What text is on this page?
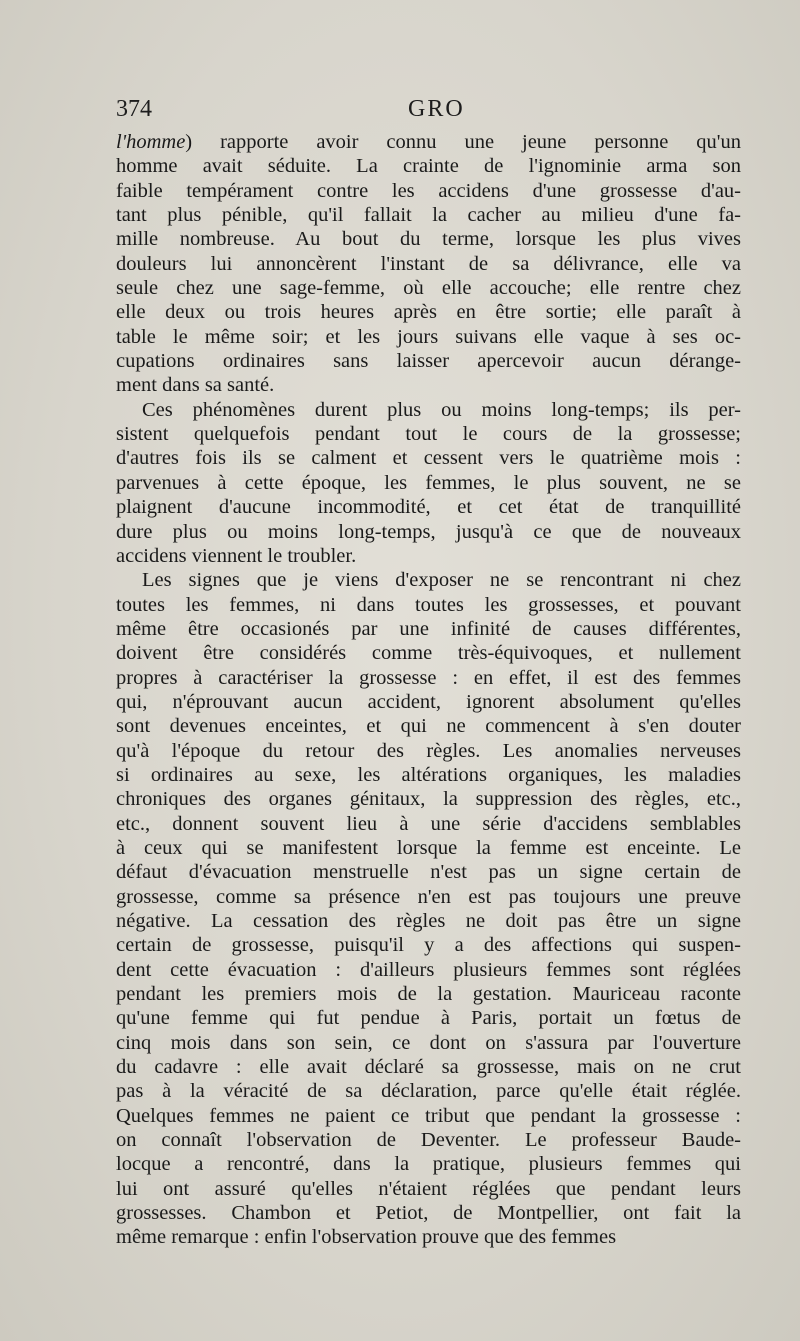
374	GRO
l'homme) rapporte avoir connu une jeune personne qu'un
homme avait séduite. La crainte de l'ignominie arma son
faible tempérament contre les accidens d'une grossesse d'au-
tant plus pénible, qu'il fallait la cacher au milieu d'une fa-
mille nombreuse. Au bout du terme, lorsque les plus vives
douleurs lui annoncèrent l'instant de sa délivrance, elle va
seule chez une sage-femme, où elle accouche; elle rentre chez
elle deux ou trois heures après en être sortie; elle paraît à
table le même soir; et les jours suivans elle vaque à ses oc-
cupations ordinaires sans laisser apercevoir aucun dérange-
ment dans sa santé.
Ces phénomènes durent plus ou moins long-temps; ils per-
sistent quelquefois pendant tout le cours de la grossesse;
d'autres fois ils se calment et cessent vers le quatrième mois :
parvenues à cette époque, les femmes, le plus souvent, ne se
plaignent d'aucune incommodité, et cet état de tranquillité
dure plus ou moins long-temps, jusqu'à ce que de nouveaux
accidens viennent le troubler.
Les signes que je viens d'exposer ne se rencontrant ni chez
toutes les femmes, ni dans toutes les grossesses, et pouvant
même être occasionés par une infinité de causes différentes,
doivent être considérés comme très-équivoques, et nullement
propres à caractériser la grossesse : en effet, il est des femmes
qui, n'éprouvant aucun accident, ignorent absolument qu'elles
sont devenues enceintes, et qui ne commencent à s'en douter
qu'à l'époque du retour des règles. Les anomalies nerveuses
si ordinaires au sexe, les altérations organiques, les maladies
chroniques des organes génitaux, la suppression des règles, etc.,
etc., donnent souvent lieu à une série d'accidens semblables
à ceux qui se manifestent lorsque la femme est enceinte. Le
défaut d'évacuation menstruelle n'est pas un signe certain de
grossesse, comme sa présence n'en est pas toujours une preuve
négative. La cessation des règles ne doit pas être un signe
certain de grossesse, puisqu'il y a des affections qui suspen-
dent cette évacuation : d'ailleurs plusieurs femmes sont réglées
pendant les premiers mois de la gestation. Mauriceau raconte
qu'une femme qui fut pendue à Paris, portait un fœtus de
cinq mois dans son sein, ce dont on s'assura par l'ouverture
du cadavre : elle avait déclaré sa grossesse, mais on ne crut
pas à la véracité de sa déclaration, parce qu'elle était réglée.
Quelques femmes ne paient ce tribut que pendant la grossesse :
on connaît l'observation de Deventer. Le professeur Baude-
locque a rencontré, dans la pratique, plusieurs femmes qui
lui ont assuré qu'elles n'étaient réglées que pendant leurs
grossesses. Chambon et Petiot, de Montpellier, ont fait la
même remarque : enfin l'observation prouve que des femmes
